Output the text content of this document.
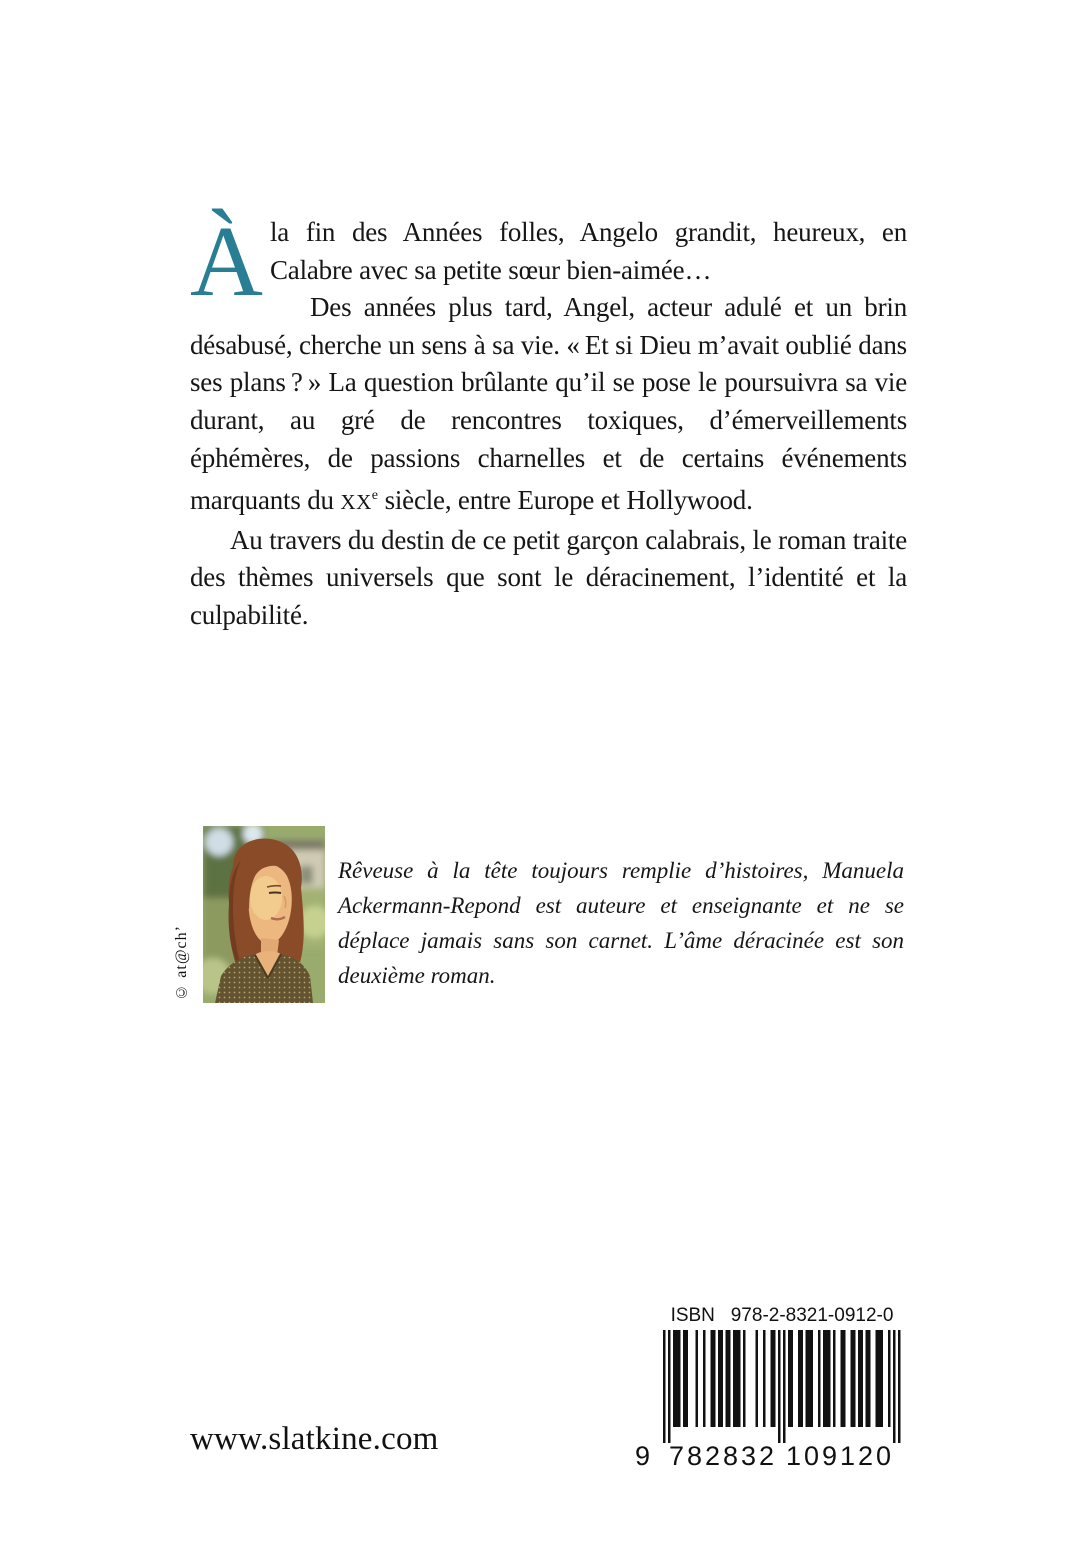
À la fin des Années folles, Angelo grandit, heureux, en Calabre avec sa petite sœur bien-aimée…

Des années plus tard, Angel, acteur adulé et un brin désabusé, cherche un sens à sa vie. « Et si Dieu m’avait oublié dans ses plans ? » La question brûlante qu’il se pose le poursuivra sa vie durant, au gré de rencontres toxiques, d’émerveillements éphémères, de passions charnelles et de certains événements marquants du XXe siècle, entre Europe et Hollywood.

Au travers du destin de ce petit garçon calabrais, le roman traite des thèmes universels que sont le déracinement, l’identité et la culpabilité.

© at@ch’
Rêveuse à la tête toujours remplie d’histoires, Manuela Ackermann-Repond est auteure et enseignante et ne se déplace jamais sans son carnet. L’âme déracinée est son deuxième roman.
www.slatkine.com
ISBN   978-2-8321-0912-0
9 782832 109120
